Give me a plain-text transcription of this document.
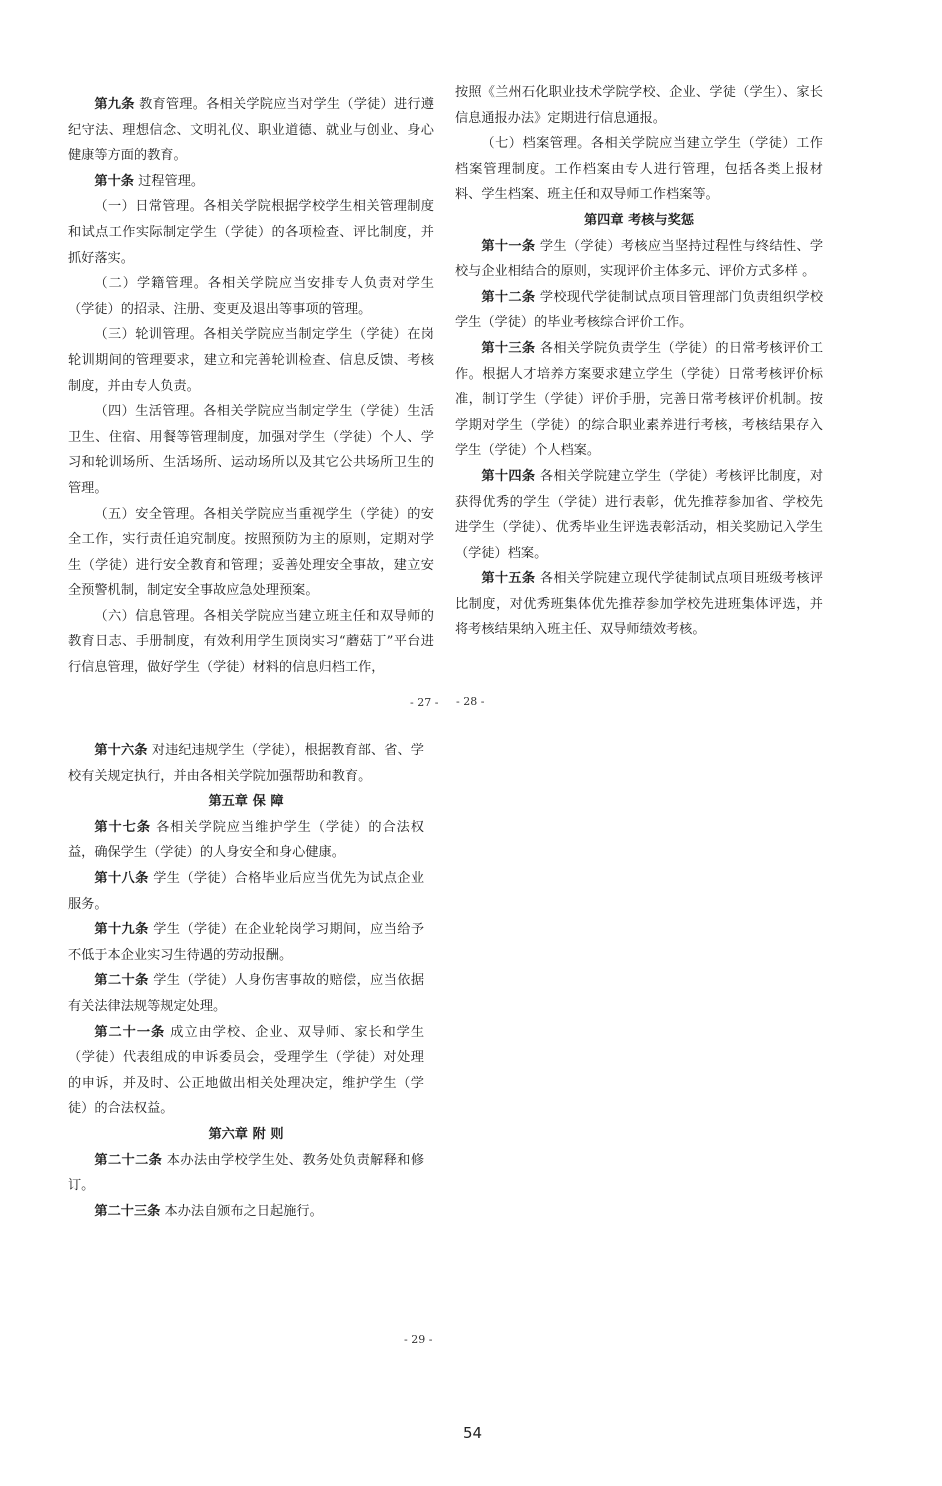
第九条 教育管理。各相关学院应当对学生（学徒）进行遵纪守法、理想信念、文明礼仪、职业道德、就业与创业、身心健康等方面的教育。

第十条 过程管理。

（一）日常管理。各相关学院根据学校学生相关管理制度和试点工作实际制定学生（学徒）的各项检查、评比制度，并抓好落实。

（二）学籍管理。各相关学院应当安排专人负责对学生（学徒）的招录、注册、变更及退出等事项的管理。

（三）轮训管理。各相关学院应当制定学生（学徒）在岗轮训期间的管理要求，建立和完善轮训检查、信息反馈、考核制度，并由专人负责。

（四）生活管理。各相关学院应当制定学生（学徒）生活卫生、住宿、用餐等管理制度，加强对学生（学徒）个人、学习和轮训场所、生活场所、运动场所以及其它公共场所卫生的管理。

（五）安全管理。各相关学院应当重视学生（学徒）的安全工作，实行责任追究制度。按照预防为主的原则，定期对学生（学徒）进行安全教育和管理；妥善处理安全事故，建立安全预警机制，制定安全事故应急处理预案。

（六）信息管理。各相关学院应当建立班主任和双导师的教育日志、手册制度，有效利用学生顶岗实习“蘑菇丁”平台进行信息管理，做好学生（学徒）材料的信息归档工作，

- 27 -

按照《兰州石化职业技术学院学校、企业、学徒（学生）、家长信息通报办法》定期进行信息通报。

（七）档案管理。各相关学院应当建立学生（学徒）工作档案管理制度。工作档案由专人进行管理，包括各类上报材料、学生档案、班主任和双导师工作档案等。

第四章 考核与奖惩

第十一条 学生（学徒）考核应当坚持过程性与终结性、学校与企业相结合的原则，实现评价主体多元、评价方式多样 。

第十二条 学校现代学徒制试点项目管理部门负责组织学校学生（学徒）的毕业考核综合评价工作。

第十三条 各相关学院负责学生（学徒）的日常考核评价工作。根据人才培养方案要求建立学生（学徒）日常考核评价标准，制订学生（学徒）评价手册，完善日常考核评价机制。按学期对学生（学徒）的综合职业素养进行考核，考核结果存入学生（学徒）个人档案。

第十四条 各相关学院建立学生（学徒）考核评比制度，对获得优秀的学生（学徒）进行表彰，优先推荐参加省、学校先进学生（学徒）、优秀毕业生评选表彰活动，相关奖励记入学生（学徒）档案。

第十五条 各相关学院建立现代学徒制试点项目班级考核评比制度，对优秀班集体优先推荐参加学校先进班集体评选，并将考核结果纳入班主任、双导师绩效考核。

- 28 -

第十六条 对违纪违规学生（学徒），根据教育部、省、学校有关规定执行，并由各相关学院加强帮助和教育。

第五章 保 障

第十七条 各相关学院应当维护学生（学徒）的合法权益，确保学生（学徒）的人身安全和身心健康。

第十八条 学生（学徒）合格毕业后应当优先为试点企业服务。

第十九条 学生（学徒）在企业轮岗学习期间，应当给予不低于本企业实习生待遇的劳动报酬。

第二十条 学生（学徒）人身伤害事故的赔偿，应当依据有关法律法规等规定处理。

第二十一条 成立由学校、企业、双导师、家长和学生（学徒）代表组成的申诉委员会，受理学生（学徒）对处理的申诉，并及时、公正地做出相关处理决定，维护学生（学徒）的合法权益。

第六章 附 则

第二十二条 本办法由学校学生处、教务处负责解释和修订。

第二十三条 本办法自颁布之日起施行。

- 29 -
54
